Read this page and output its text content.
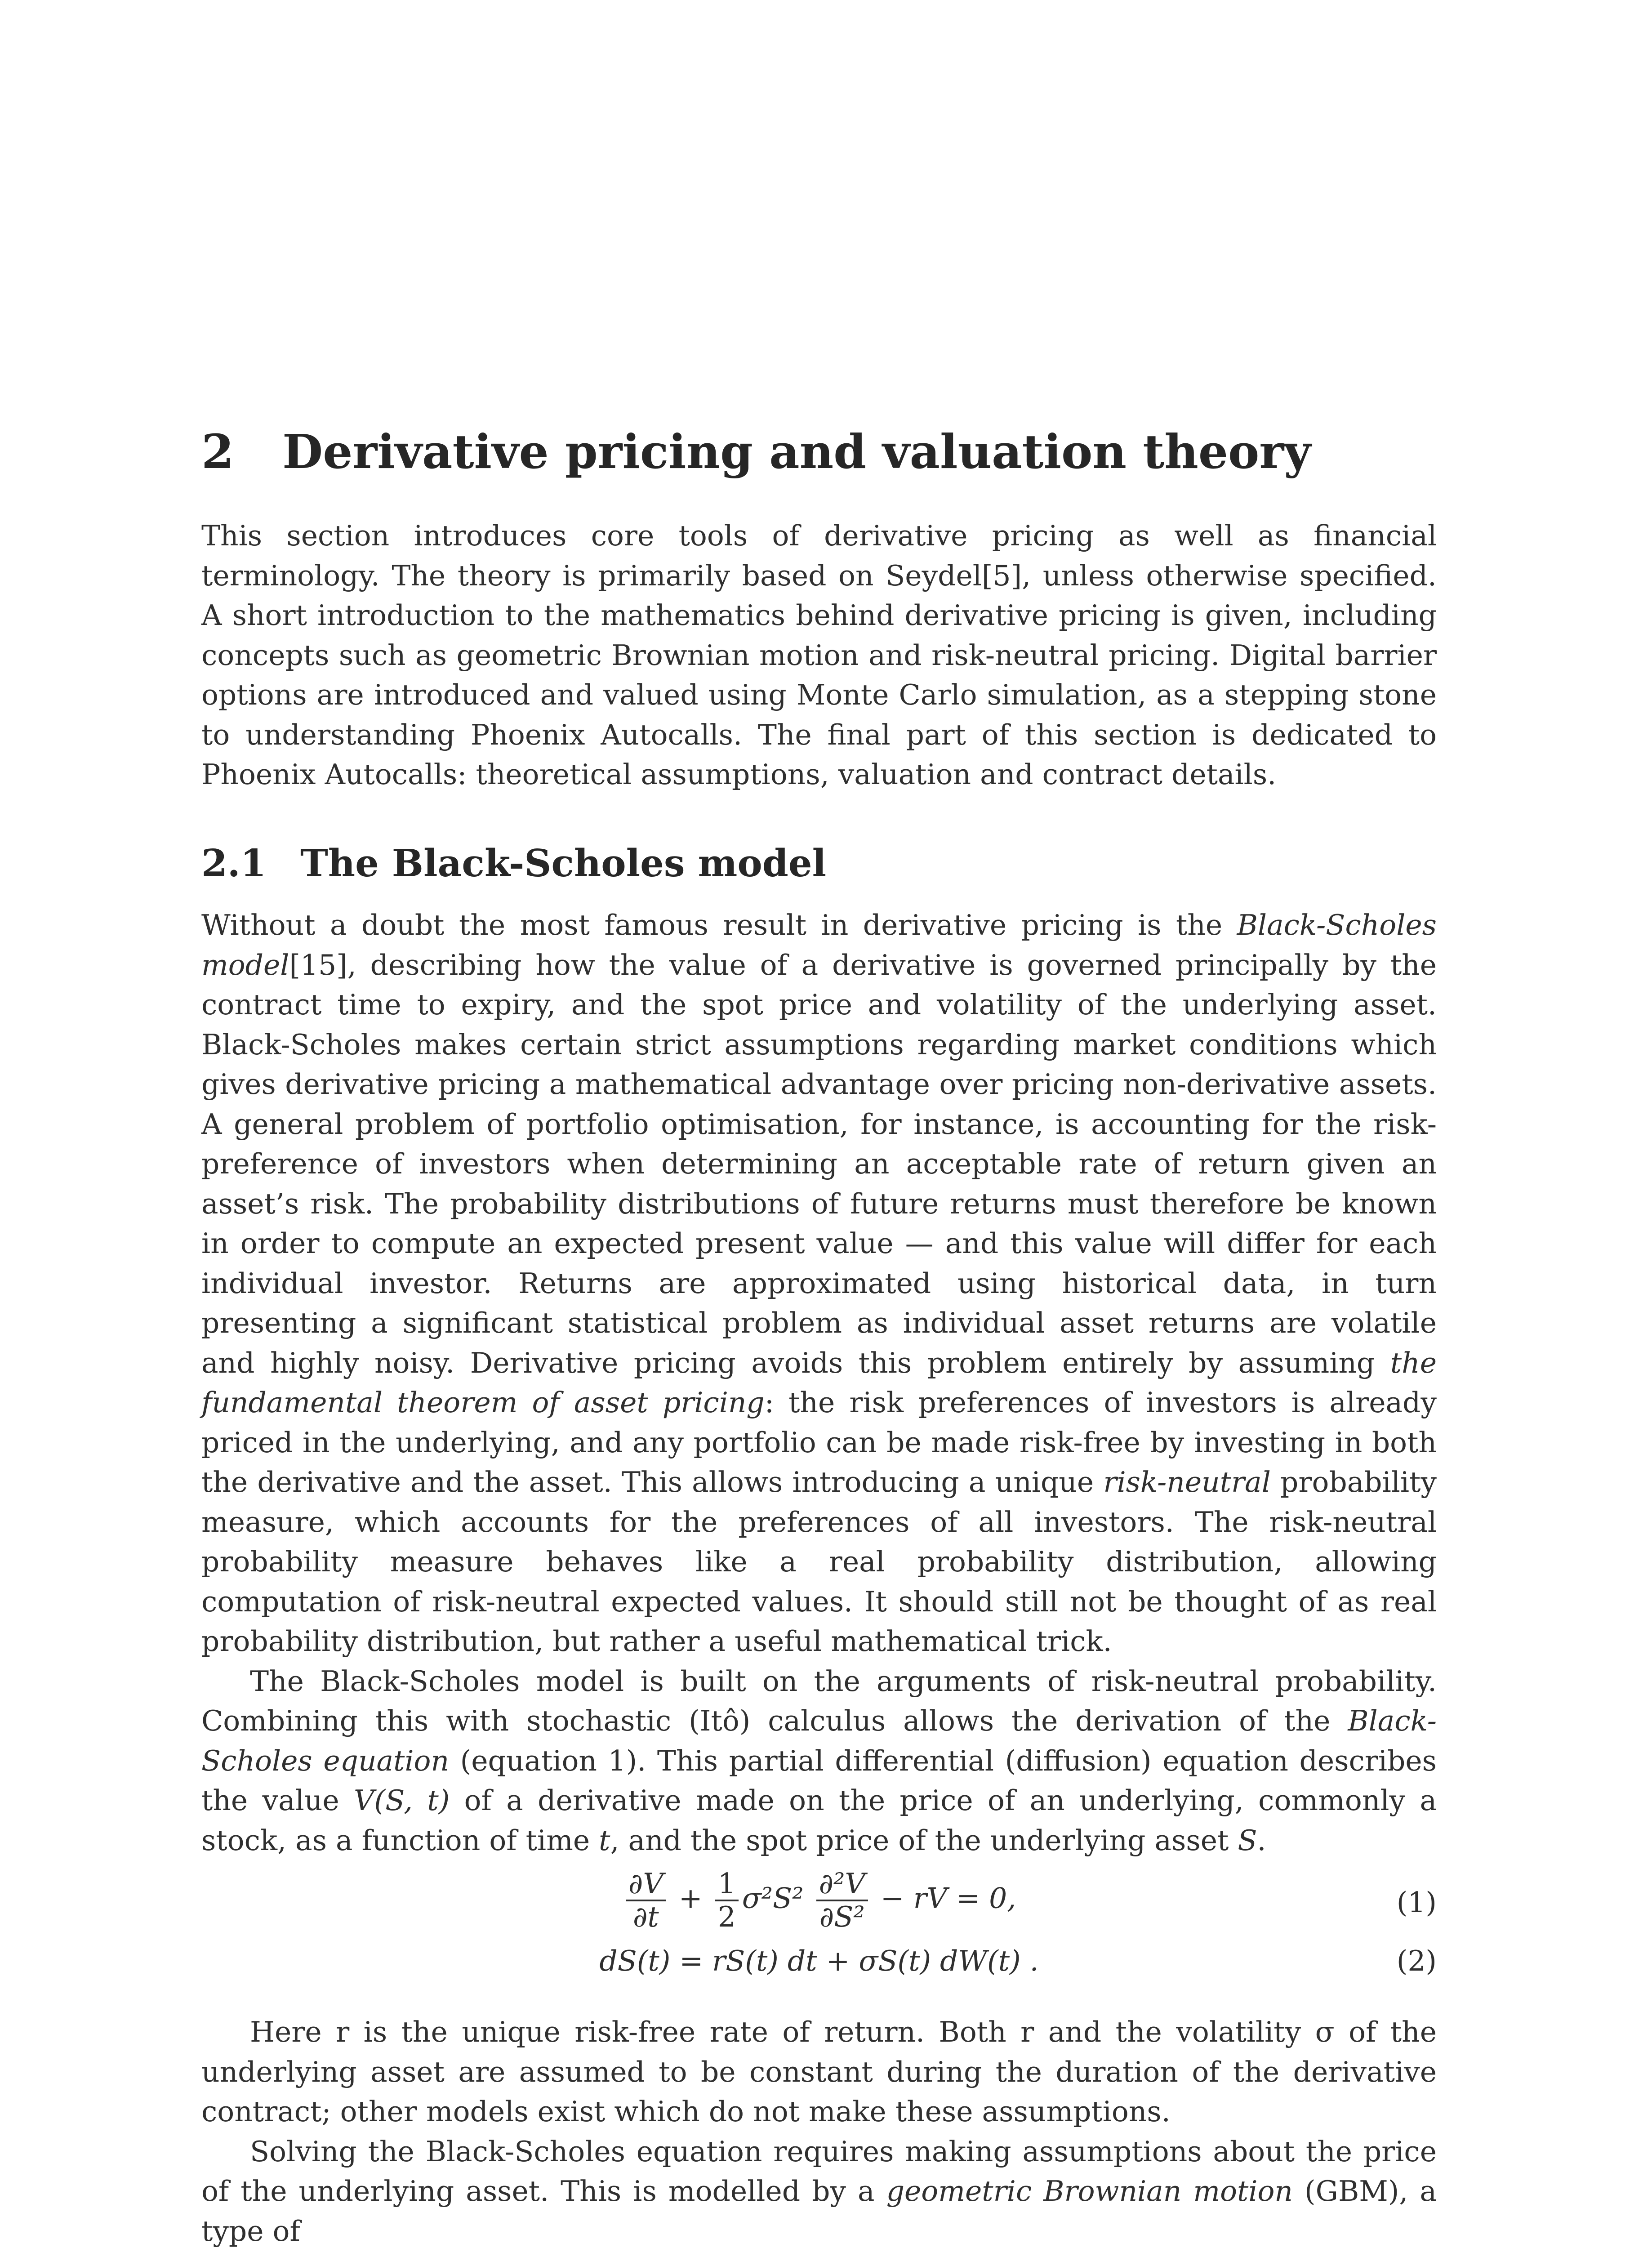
2 Derivative pricing and valuation theory

This section introduces core tools of derivative pricing as well as financial terminology. The theory is primarily based on Seydel[5], unless otherwise specified. A short introduction to the mathematics behind derivative pricing is given, including concepts such as geometric Brownian motion and risk-neutral pricing. Digital barrier options are introduced and valued using Monte Carlo simulation, as a stepping stone to understanding Phoenix Autocalls. The final part of this section is dedicated to Phoenix Autocalls: theoretical assumptions, valuation and contract details.

2.1 The Black-Scholes model

Without a doubt the most famous result in derivative pricing is the Black-Scholes model[15], describing how the value of a derivative is governed principally by the contract time to expiry, and the spot price and volatility of the underlying asset. Black-Scholes makes certain strict assumptions regarding market conditions which gives derivative pricing a mathematical advantage over pricing non-derivative assets. A general problem of portfolio optimisation, for instance, is accounting for the risk-preference of investors when determining an acceptable rate of return given an asset’s risk. The probability distributions of future returns must therefore be known in order to compute an expected present value — and this value will differ for each individual investor. Returns are approximated using historical data, in turn presenting a significant statistical problem as individual asset returns are volatile and highly noisy. Derivative pricing avoids this problem entirely by assuming the fundamental theorem of asset pricing: the risk preferences of investors is already priced in the underlying, and any portfolio can be made risk-free by investing in both the derivative and the asset. This allows introducing a unique risk-neutral probability measure, which accounts for the preferences of all investors. The risk-neutral probability measure behaves like a real probability distribution, allowing computation of risk-neutral expected values. It should still not be thought of as real probability distribution, but rather a useful mathematical trick.

The Black-Scholes model is built on the arguments of risk-neutral probability. Combining this with stochastic (Itô) calculus allows the derivation of the Black-Scholes equation (equation 1). This partial differential (diffusion) equation describes the value V(S, t) of a derivative made on the price of an underlying, commonly a stock, as a function of time t, and the spot price of the underlying asset S.

$\frac{\partial V}{\partial t} + \frac{1}{2} \sigma^2S^2 \frac{\text{∂²V}}{\text{∂S²}}$ − rV = 0,	(1)
dS(t) = rS(t) dt + σS(t) dW(t) .	(2)

Here r is the unique risk-free rate of return. Both r and the volatility σ of the underlying asset are assumed to be constant during the duration of the derivative contract; other models exist which do not make these assumptions.

Solving the Black-Scholes equation requires making assumptions about the price of the underlying asset. This is modelled by a geometric Brownian motion (GBM), a type of
